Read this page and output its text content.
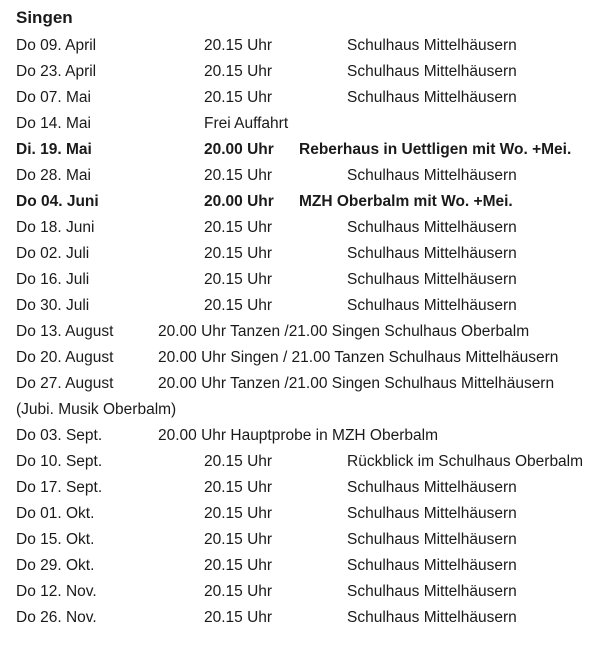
Singen
Do 09. April	20.15 Uhr	Schulhaus Mittelhäusern
Do 23. April	20.15 Uhr	Schulhaus Mittelhäusern
Do 07. Mai	20.15 Uhr	Schulhaus Mittelhäusern
Do 14. Mai	Frei Auffahrt
Di. 19. Mai	20.00 Uhr Reberhaus in Uettligen mit Wo. +Mei.
Do 28. Mai	20.15 Uhr	Schulhaus Mittelhäusern
Do 04. Juni	20.00 Uhr MZH Oberbalm mit Wo. +Mei.
Do 18. Juni	20.15 Uhr	Schulhaus Mittelhäusern
Do 02. Juli	20.15 Uhr	Schulhaus Mittelhäusern
Do 16. Juli	20.15 Uhr	Schulhaus Mittelhäusern
Do 30. Juli	20.15 Uhr	Schulhaus Mittelhäusern
Do 13. August	20.00 Uhr Tanzen /21.00 Singen Schulhaus Oberbalm
Do 20. August	20.00 Uhr Singen / 21.00 Tanzen Schulhaus Mittelhäusern
Do 27. August	20.00 Uhr Tanzen /21.00 Singen Schulhaus Mittelhäusern
(Jubi. Musik Oberbalm)
Do 03. Sept.	20.00 Uhr Hauptprobe in MZH Oberbalm
Do 10. Sept.	20.15 Uhr	Rückblick im Schulhaus Oberbalm
Do 17. Sept.	20.15 Uhr	Schulhaus Mittelhäusern
Do 01. Okt.	20.15 Uhr	Schulhaus Mittelhäusern
Do 15. Okt.	20.15 Uhr	Schulhaus Mittelhäusern
Do 29. Okt.	20.15 Uhr	Schulhaus Mittelhäusern
Do 12. Nov.	20.15 Uhr	Schulhaus Mittelhäusern
Do 26. Nov.	20.15 Uhr	Schulhaus Mittelhäusern
